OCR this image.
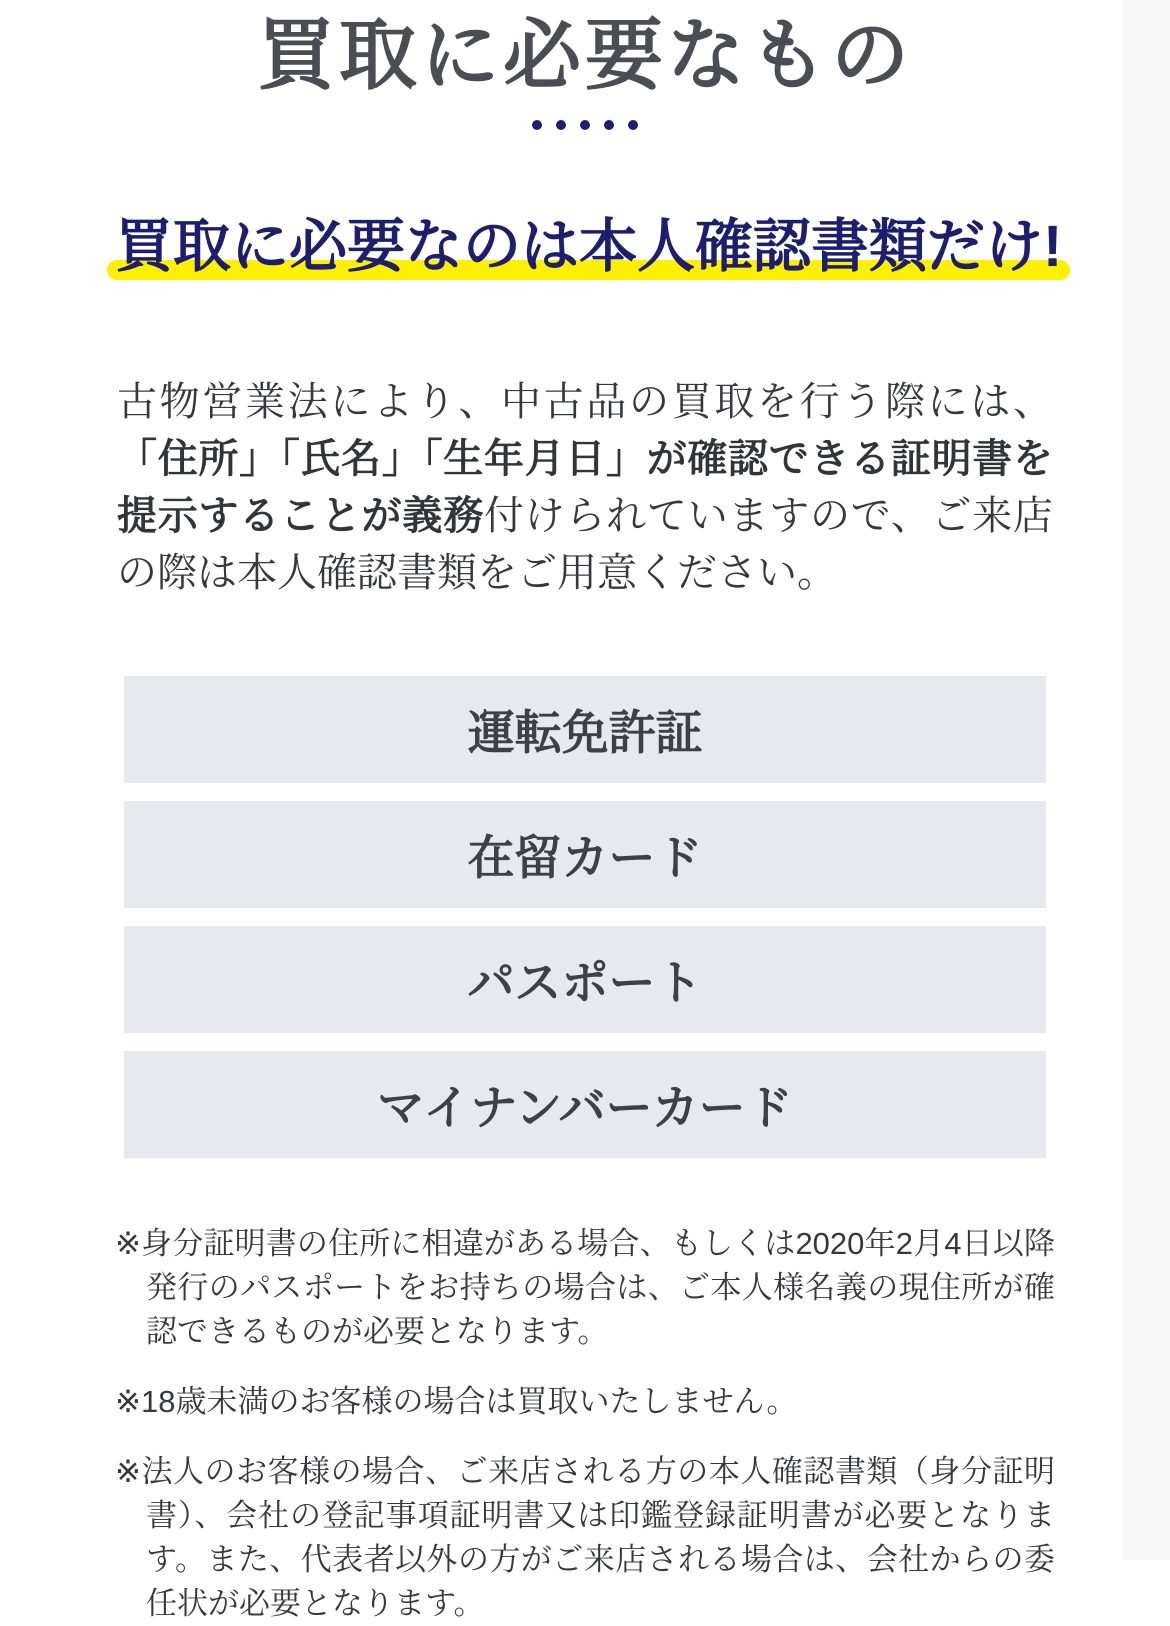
買取に必要なもの

買取に必要なのは本人確認書類だけ!

古物営業法により、中古品の買取を行う際には、「住所」「氏名」「生年月日」が確認できる証明書を提示することが義務付けられていますので、ご来店の際は本人確認書類をご用意ください。

運転免許証
在留カード
パスポート
マイナンバーカード

※身分証明書の住所に相違がある場合、もしくは2020年2月4日以降発行のパスポートをお持ちの場合は、ご本人様名義の現住所が確認できるものが必要となります。

※18歳未満のお客様の場合は買取いたしません。

※法人のお客様の場合、ご来店される方の本人確認書類（身分証明書）、会社の登記事項証明書又は印鑑登録証明書が必要となります。また、代表者以外の方がご来店される場合は、会社からの委任状が必要となります。
